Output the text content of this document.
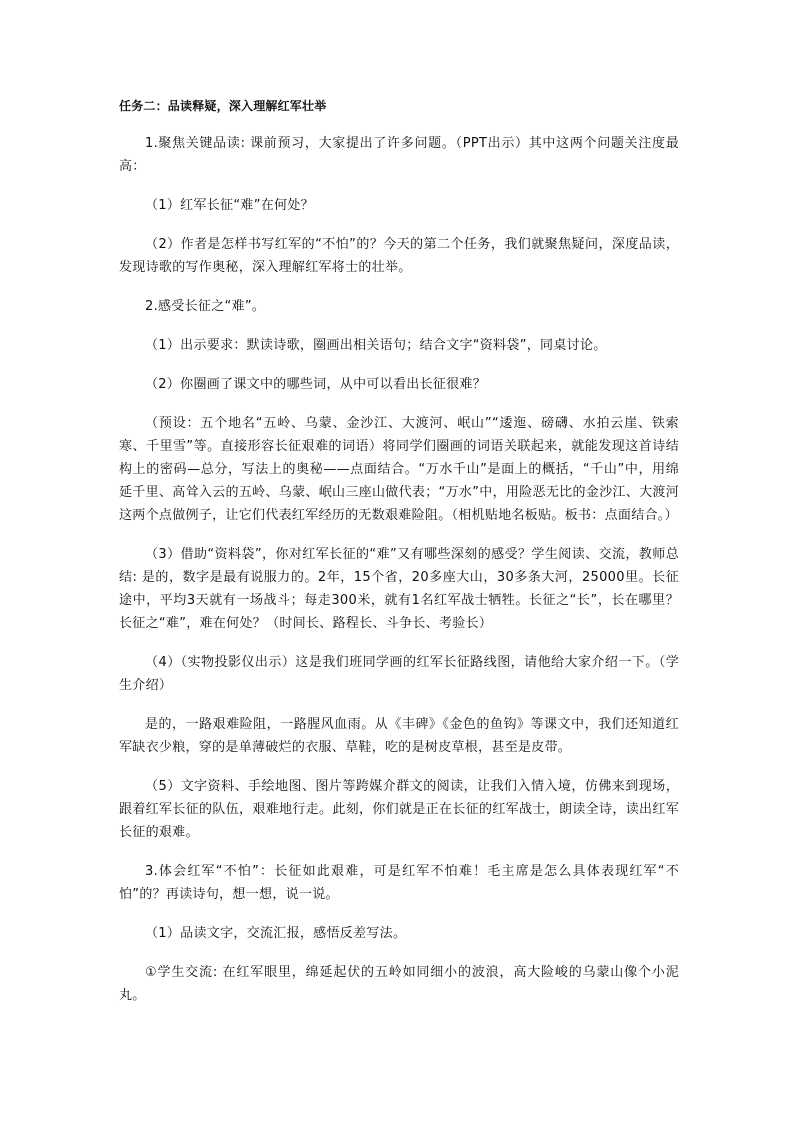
任务二：品读释疑，深入理解红军壮举

1.聚焦关键品读: 课前预习，大家提出了许多问题。（PPT出示）其中这两个问题关注度最高：

（1）红军长征“难”在何处？

（2）作者是怎样书写红军的“不怕”的？今天的第二个任务，我们就聚焦疑问，深度品读，发现诗歌的写作奥秘，深入理解红军将士的壮举。

2.感受长征之“难”。

（1）出示要求：默读诗歌，圈画出相关语句；结合文字“资料袋”，同桌讨论。

（2）你圈画了课文中的哪些词，从中可以看出长征很难？

（预设：五个地名“五岭、乌蒙、金沙江、大渡河、岷山”“逶迤、磅礴、水拍云崖、铁索寒、千里雪”等。直接形容长征艰难的词语）将同学们圈画的词语关联起来，就能发现这首诗结构上的密码—总分，写法上的奥秘——点面结合。“万水千山”是面上的概括，“千山”中，用绵延千里、高耸入云的五岭、乌蒙、岷山三座山做代表；“万水”中，用险恶无比的金沙江、大渡河这两个点做例子，让它们代表红军经历的无数艰难险阻。（相机贴地名板贴。板书：点面结合。）

（3）借助“资料袋”，你对红军长征的“难”又有哪些深刻的感受？学生阅读、交流，教师总结: 是的，数字是最有说服力的。2年，15个省，20多座大山，30多条大河，25000里。长征途中，平均3天就有一场战斗；每走300米，就有1名红军战士牺牲。长征之“长”，长在哪里？长征之“难”，难在何处？（时间长、路程长、斗争长、考验长）

（4）（实物投影仪出示）这是我们班同学画的红军长征路线图，请他给大家介绍一下。（学生介绍）

是的，一路艰难险阻，一路腥风血雨。从《丰碑》《金色的鱼钩》等课文中，我们还知道红军缺衣少粮，穿的是单薄破烂的衣服、草鞋，吃的是树皮草根，甚至是皮带。

（5）文字资料、手绘地图、图片等跨媒介群文的阅读，让我们入情入境，仿佛来到现场，跟着红军长征的队伍，艰难地行走。此刻，你们就是正在长征的红军战士，朗读全诗，读出红军长征的艰难。

3.体会红军“不怕”：长征如此艰难，可是红军不怕难！毛主席是怎么具体表现红军“不怕”的？再读诗句，想一想，说一说。

（1）品读文字，交流汇报，感悟反差写法。

①学生交流: 在红军眼里，绵延起伏的五岭如同细小的波浪，高大险峻的乌蒙山像个小泥丸。
